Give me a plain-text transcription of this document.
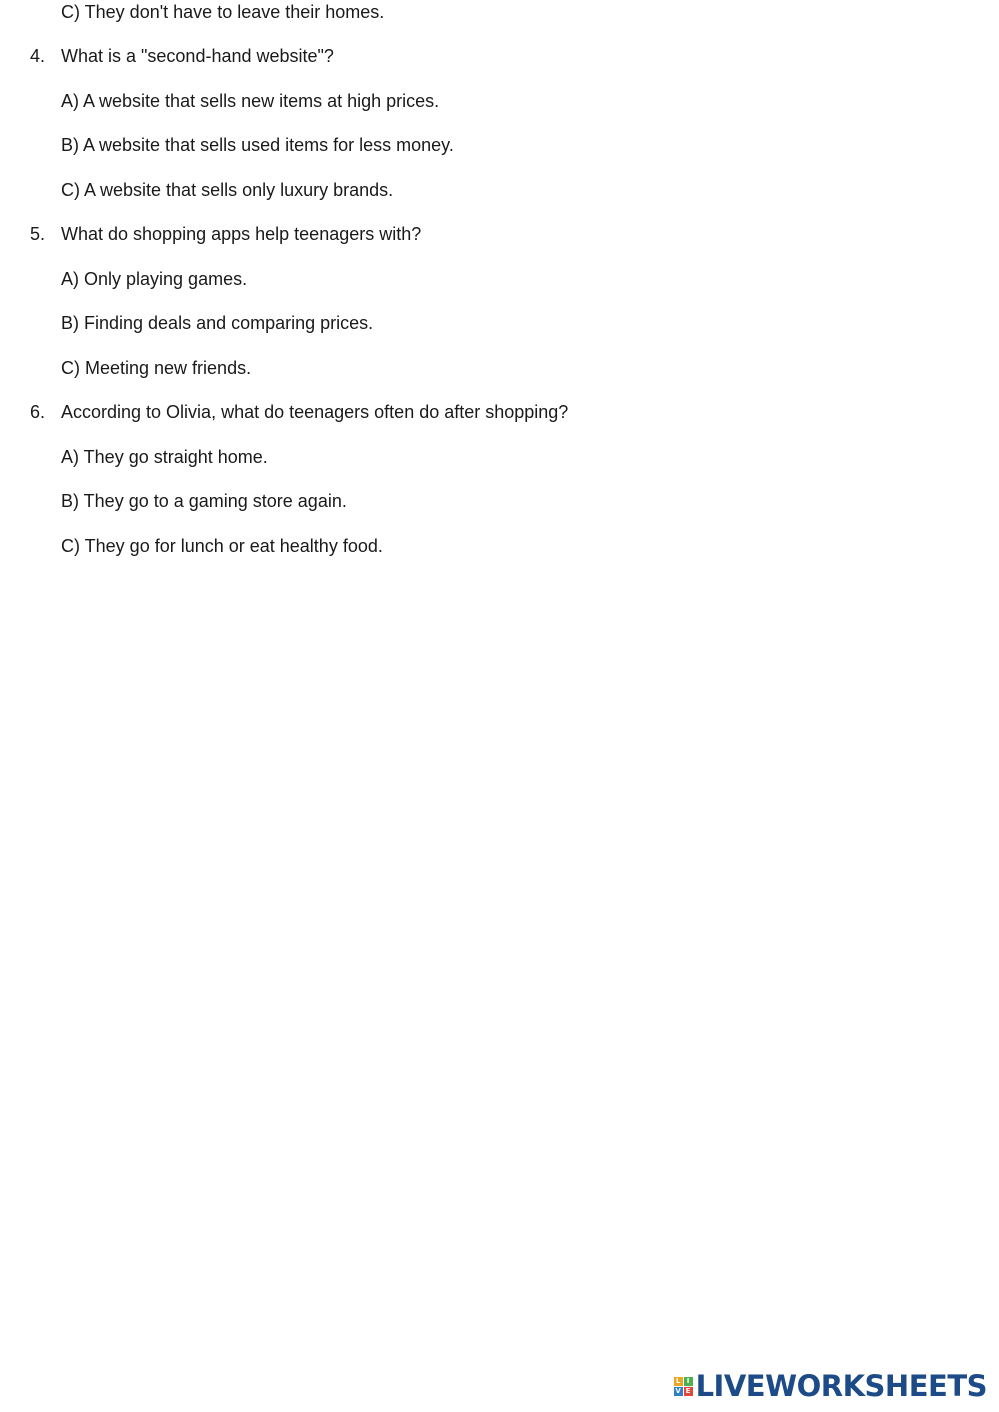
C) They don't have to leave their homes.
4. What is a "second-hand website"?
A) A website that sells new items at high prices.
B) A website that sells used items for less money.
C) A website that sells only luxury brands.
5. What do shopping apps help teenagers with?
A) Only playing games.
B) Finding deals and comparing prices.
C) Meeting new friends.
6. According to Olivia, what do teenagers often do after shopping?
A) They go straight home.
B) They go to a gaming store again.
C) They go for lunch or eat healthy food.
L I
V E LIVEWORKSHEETS
